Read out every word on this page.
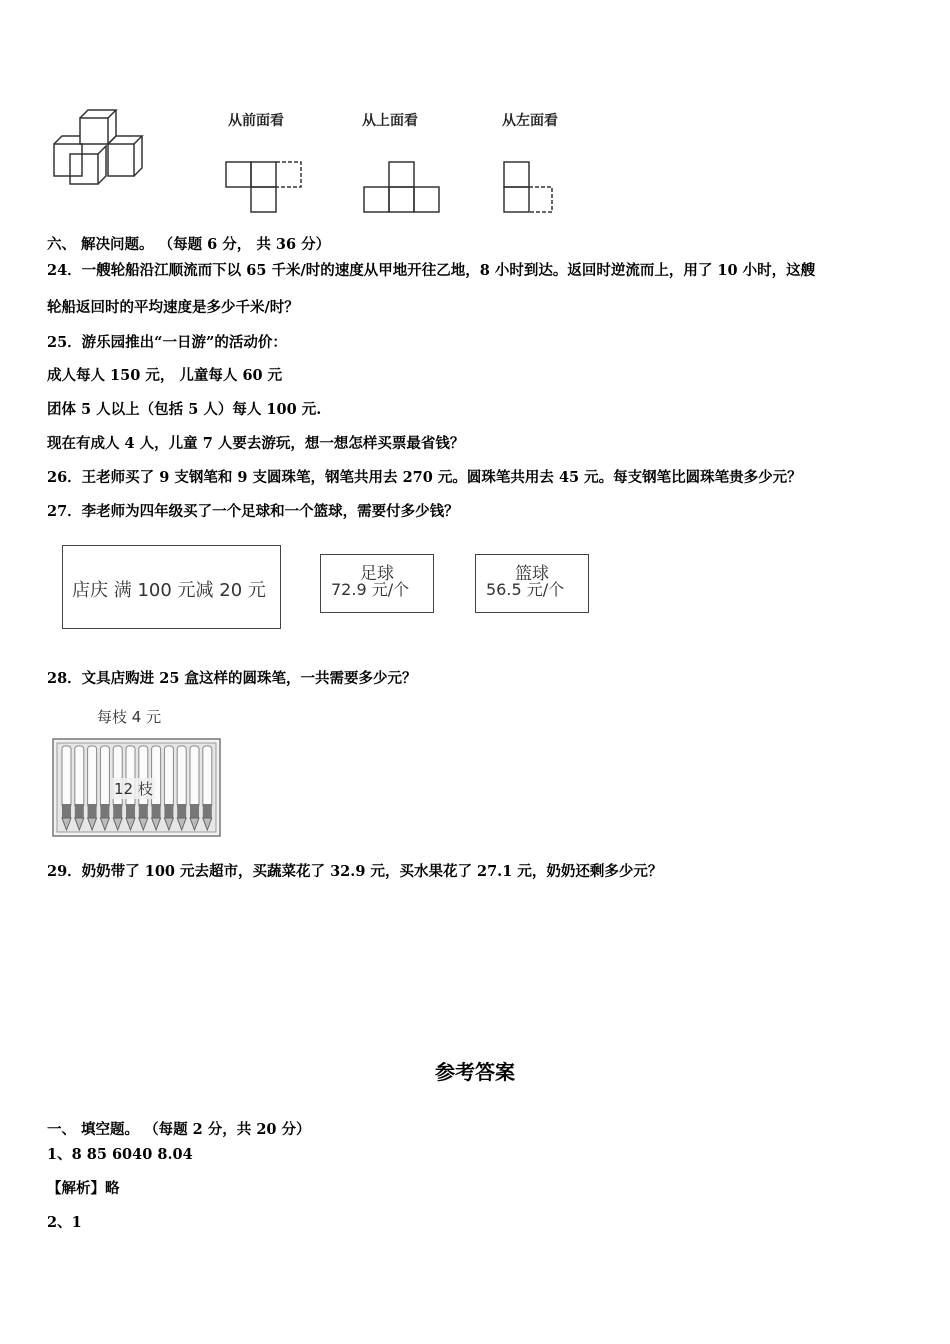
从前面看	从上面看	从左面看
六、 解决问题。 （每题 6 分， 共 36 分）
24．一艘轮船沿江顺流而下以 65 千米/时的速度从甲地开往乙地，8 小时到达。返回时逆流而上，用了 10 小时，这艘
轮船返回时的平均速度是多少千米/时？
25．游乐园推出“一日游”的活动价：
成人每人 150 元， 儿童每人 60 元
团体 5 人以上（包括 5 人）每人 100 元.
现在有成人 4 人，儿童 7 人要去游玩，想一想怎样买票最省钱？
26．王老师买了 9 支钢笔和 9 支圆珠笔，钢笔共用去 270 元。圆珠笔共用去 45 元。每支钢笔比圆珠笔贵多少元？
27．李老师为四年级买了一个足球和一个篮球，需要付多少钱？
店庆 满 100 元减 20 元
足球
72.9 元/个
篮球
56.5 元/个
28．文具店购进 25 盒这样的圆珠笔，一共需要多少元？
每枝 4 元
12 枝
29．奶奶带了 100 元去超市，买蔬菜花了 32.9 元，买水果花了 27.1 元，奶奶还剩多少元？
参考答案
一、 填空题。 （每题 2 分，共 20 分）
1、8 85 6040 8.04
【解析】略
2、1
